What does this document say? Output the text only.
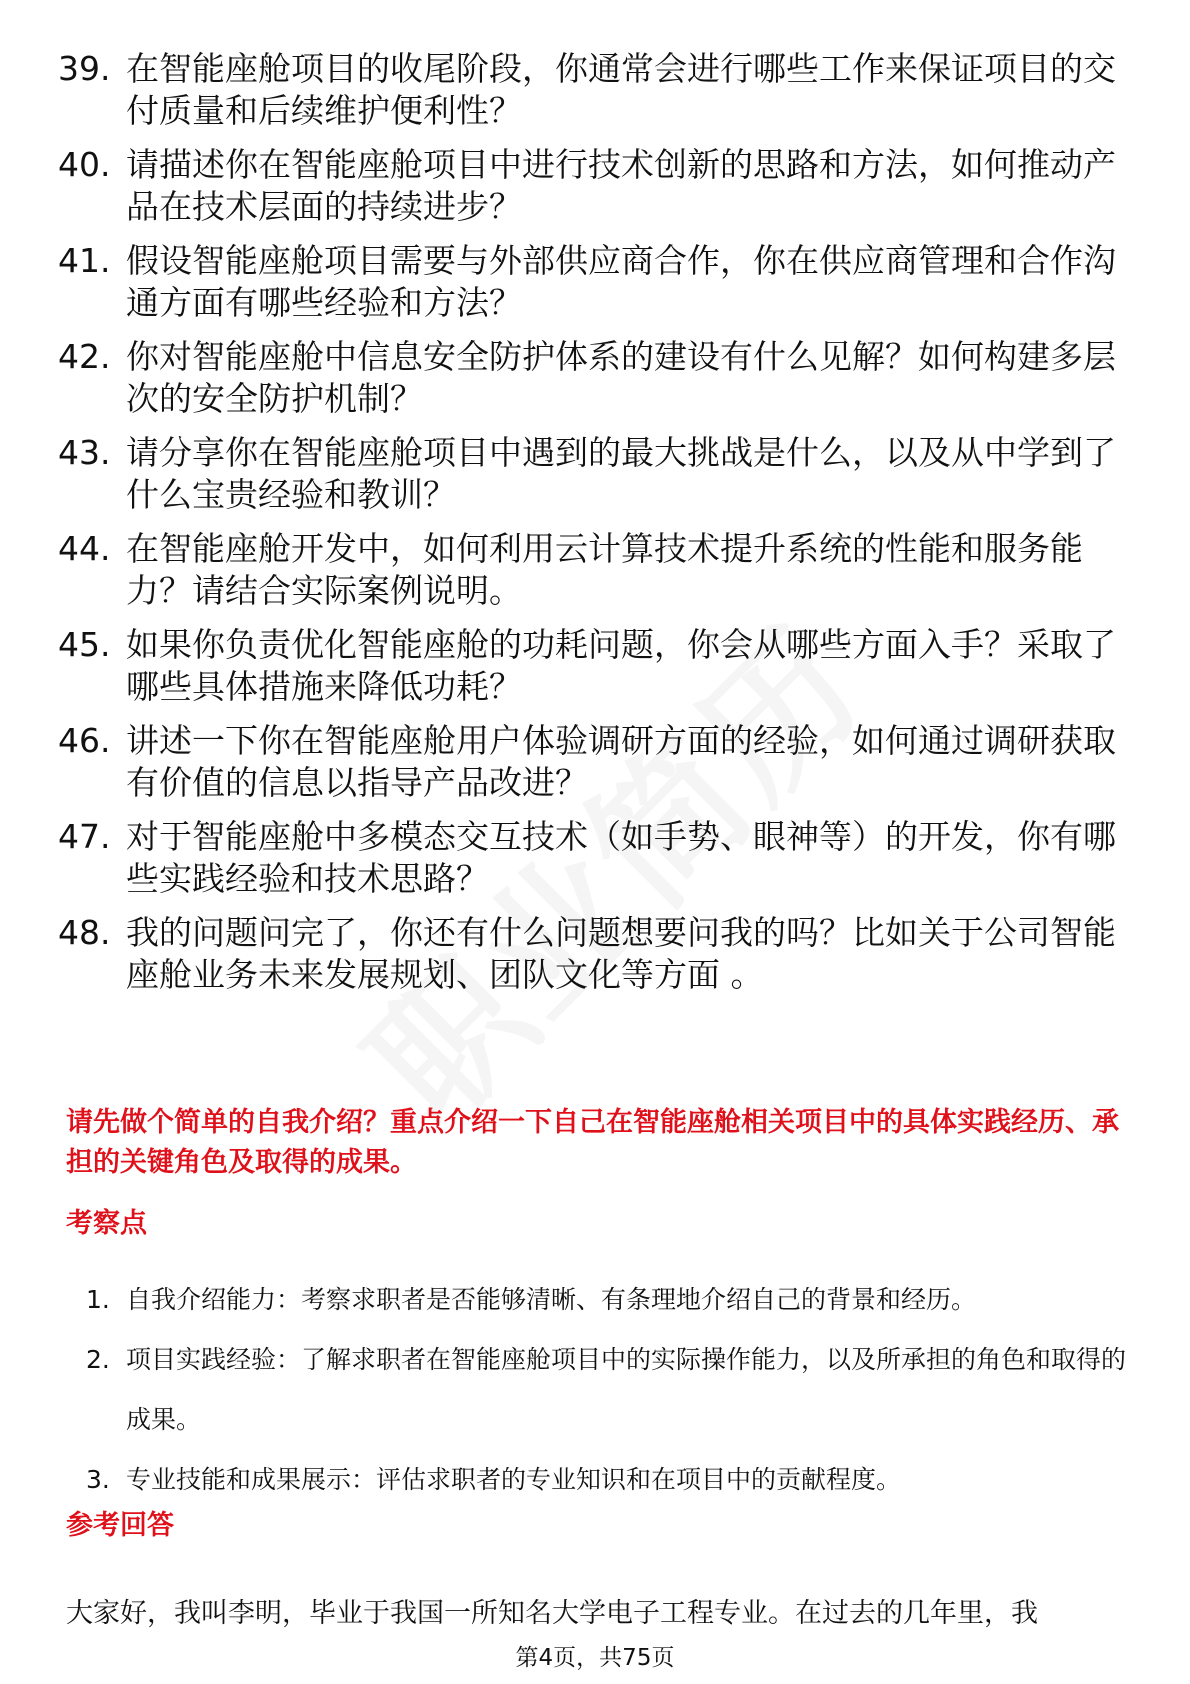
39. 在智能座舱项目的收尾阶段，你通常会进行哪些工作来保证项目的交付质量和后续维护便利性？
40. 请描述你在智能座舱项目中进行技术创新的思路和方法，如何推动产品在技术层面的持续进步？
41. 假设智能座舱项目需要与外部供应商合作，你在供应商管理和合作沟通方面有哪些经验和方法？
42. 你对智能座舱中信息安全防护体系的建设有什么见解？如何构建多层次的安全防护机制？
43. 请分享你在智能座舱项目中遇到的最大挑战是什么，以及从中学到了什么宝贵经验和教训？
44. 在智能座舱开发中，如何利用云计算技术提升系统的性能和服务能力？请结合实际案例说明。
45. 如果你负责优化智能座舱的功耗问题，你会从哪些方面入手？采取了哪些具体措施来降低功耗？
46. 讲述一下你在智能座舱用户体验调研方面的经验，如何通过调研获取有价值的信息以指导产品改进？
47. 对于智能座舱中多模态交互技术（如手势、眼神等）的开发，你有哪些实践经验和技术思路？
48. 我的问题问完了，你还有什么问题想要问我的吗？比如关于公司智能座舱业务未来发展规划、团队文化等方面 。
请先做个简单的自我介绍？重点介绍一下自己在智能座舱相关项目中的具体实践经历、承担的关键角色及取得的成果。
考察点
1. 自我介绍能力：考察求职者是否能够清晰、有条理地介绍自己的背景和经历。
2. 项目实践经验：了解求职者在智能座舱项目中的实际操作能力，以及所承担的角色和取得的成果。
3. 专业技能和成果展示：评估求职者的专业知识和在项目中的贡献程度。
参考回答
大家好，我叫李明，毕业于我国一所知名大学电子工程专业。在过去的几年里，我
第4页，共75页
